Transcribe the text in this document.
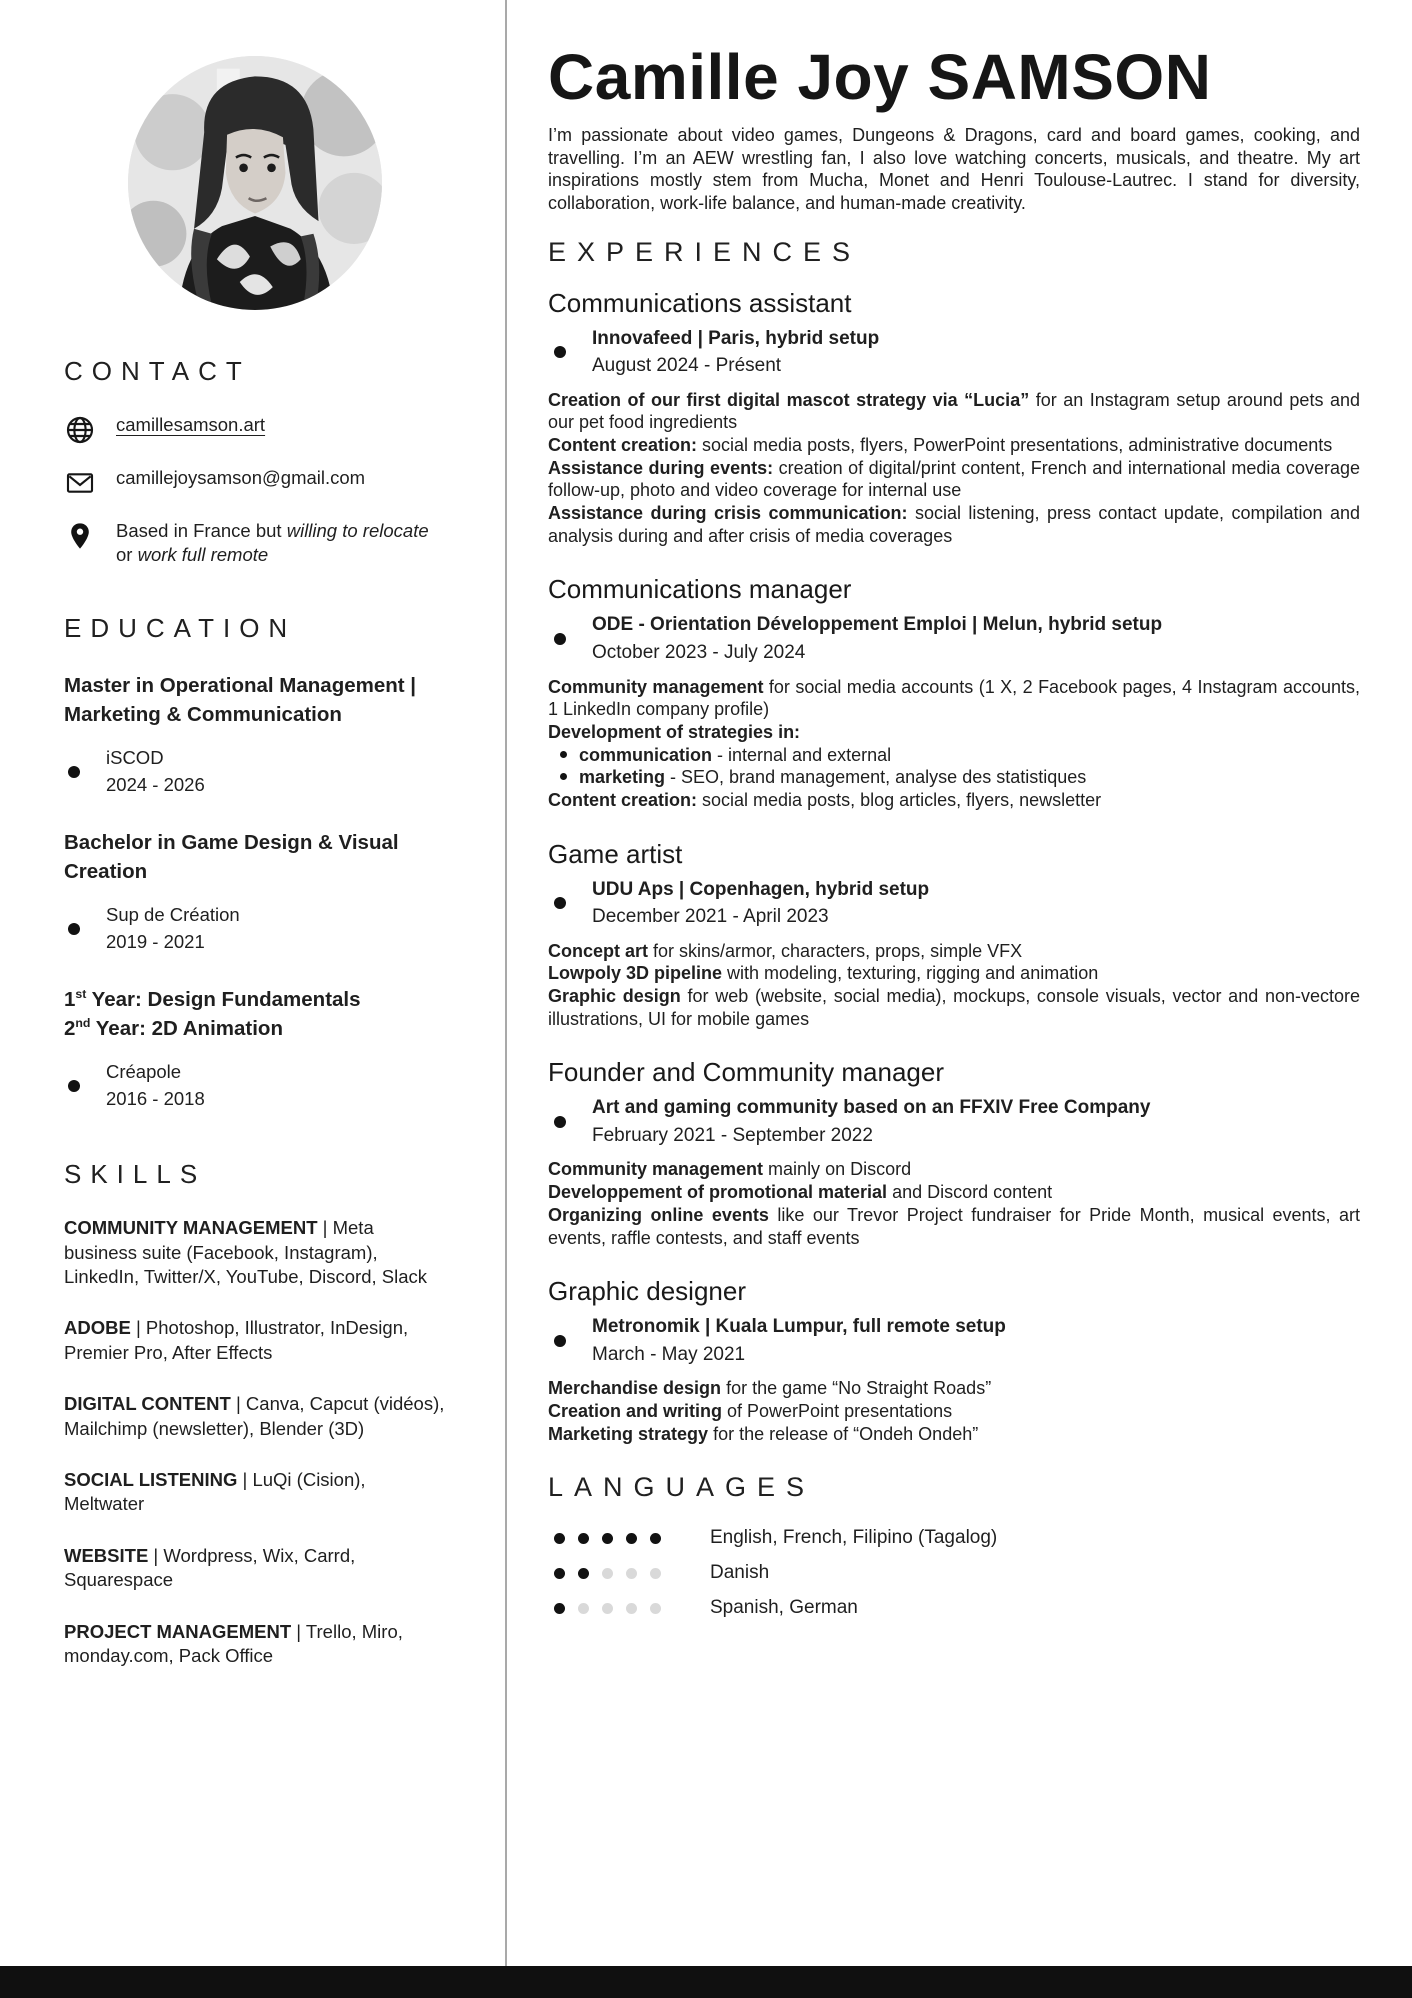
CONTACT
camillesamson.art
camillejoysamson@gmail.com
Based in France but willing to relocate or work full remote
EDUCATION
Master in Operational Management | Marketing & Communication
iSCOD
2024 - 2026
Bachelor in Game Design & Visual Creation
Sup de Création
2019 - 2021
1st Year: Design Fundamentals
2nd Year: 2D Animation
Créapole
2016 - 2018
SKILLS

COMMUNITY MANAGEMENT | Meta business suite (Facebook, Instagram), LinkedIn, Twitter/X, YouTube, Discord, Slack

ADOBE | Photoshop, Illustrator, InDesign, Premier Pro, After Effects

DIGITAL CONTENT | Canva, Capcut (vidéos), Mailchimp (newsletter), Blender (3D)

SOCIAL LISTENING | LuQi (Cision), Meltwater

WEBSITE | Wordpress, Wix, Carrd, Squarespace

PROJECT MANAGEMENT | Trello, Miro, monday.com, Pack Office

Camille Joy SAMSON

I’m passionate about video games, Dungeons & Dragons, card and board games, cooking, and travelling. I’m an AEW wrestling fan, I also love watching concerts, musicals, and theatre. My art inspirations mostly stem from Mucha, Monet and Henri Toulouse-Lautrec. I stand for diversity, collaboration, work-life balance, and human-made creativity.

EXPERIENCES
Communications assistant
Innovafeed | Paris, hybrid setup
August 2024 - Présent

Creation of our first digital mascot strategy via “Lucia” for an Instagram setup around pets and our pet food ingredients

Content creation: social media posts, flyers, PowerPoint presentations, administrative documents

Assistance during events: creation of digital/print content, French and international media coverage follow-up, photo and video coverage for internal use

Assistance during crisis communication: social listening, press contact update, compilation and analysis during and after crisis of media coverages

Communications manager
ODE - Orientation Développement Emploi | Melun, hybrid setup
October 2023 - July 2024

Community management for social media accounts (1 X, 2 Facebook pages, 4 Instagram accounts, 1 LinkedIn company profile)

Development of strategies in:

communication - internal and external

marketing - SEO, brand management, analyse des statistiques

Content creation: social media posts, blog articles, flyers, newsletter

Game artist
UDU Aps | Copenhagen, hybrid setup
December 2021 - April 2023

Concept art for skins/armor, characters, props, simple VFX

Lowpoly 3D pipeline with modeling, texturing, rigging and animation

Graphic design for web (website, social media), mockups, console visuals, vector and non-vectore illustrations, UI for mobile games

Founder and Community manager
Art and gaming community based on an FFXIV Free Company
February 2021 - September 2022

Community management mainly on Discord

Developpement of promotional material and Discord content

Organizing online events like our Trevor Project fundraiser for Pride Month, musical events, art events, raffle contests, and staff events

Graphic designer
Metronomik | Kuala Lumpur, full remote setup
March - May 2021

Merchandise design for the game “No Straight Roads”

Creation and writing of PowerPoint presentations

Marketing strategy for the release of “Ondeh Ondeh”

LANGUAGES
English, French, Filipino (Tagalog)
Danish
Spanish, German
